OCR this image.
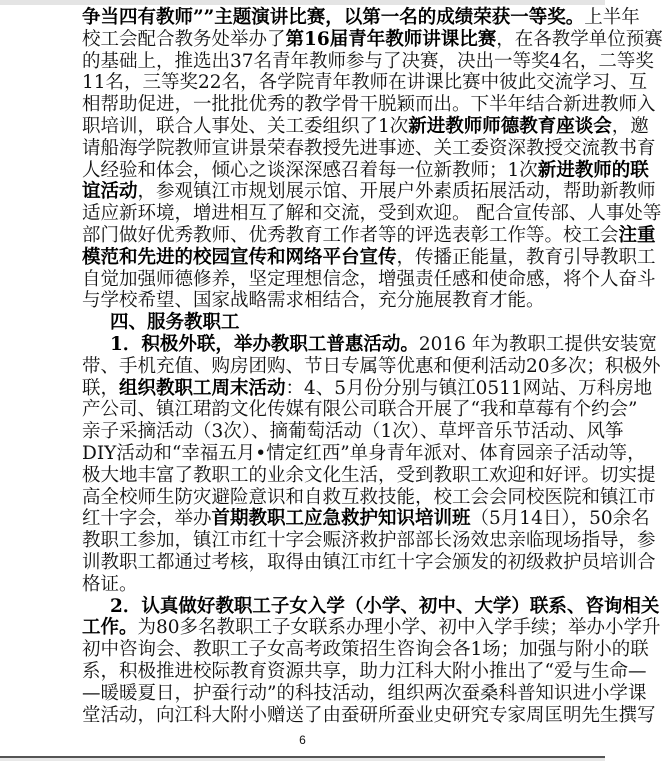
争当四有教师””主题演讲比赛，以第一名的成绩荣获一等奖。上半年
校工会配合教务处举办了第16届青年教师讲课比赛，在各教学单位预赛
的基础上，推选出37名青年教师参与了决赛，决出一等奖4名，二等奖
11名，三等奖22名，各学院青年教师在讲课比赛中彼此交流学习、互
相帮助促进，一批批优秀的教学骨干脱颖而出。下半年结合新进教师入
职培训，联合人事处、关工委组织了1次新进教师师德教育座谈会，邀
请船海学院教师宣讲景荣春教授先进事迹、关工委资深教授交流教书育
人经验和体会，倾心之谈深深感召着每一位新教师；1次新进教师的联
谊活动，参观镇江市规划展示馆、开展户外素质拓展活动，帮助新教师
适应新环境，增进相互了解和交流，受到欢迎。 配合宣传部、人事处等
部门做好优秀教师、优秀教育工作者等的评选表彰工作等。校工会注重
模范和先进的校园宣传和网络平台宣传，传播正能量，教育引导教职工
自觉加强师德修养，坚定理想信念，增强责任感和使命感，将个人奋斗
与学校希望、国家战略需求相结合，充分施展教育才能。
四、服务教职工
1．积极外联，举办教职工普惠活动。2016 年为教职工提供安装宽
带、手机充值、购房团购、节日专属等优惠和便利活动20多次；积极外
联，组织教职工周末活动：4、5月份分别与镇江0511网站、万科房地
产公司、镇江珺韵文化传媒有限公司联合开展了“我和草莓有个约会”
亲子采摘活动（3次）、摘葡萄活动（1次）、草坪音乐节活动、风筝
DIY活动和“幸福五月•情定红西”单身青年派对、体育园亲子活动等，
极大地丰富了教职工的业余文化生活，受到教职工欢迎和好评。切实提
高全校师生防灾避险意识和自救互救技能，校工会会同校医院和镇江市
红十字会，举办首期教职工应急救护知识培训班（5月14日），50余名
教职工参加，镇江市红十字会赈济救护部部长汤效忠亲临现场指导，参
训教职工都通过考核，取得由镇江市红十字会颁发的初级救护员培训合
格证。
2．认真做好教职工子女入学（小学、初中、大学）联系、咨询相关
工作。为80多名教职工子女联系办理小学、初中入学手续；举办小学升
初中咨询会、教职工子女高考政策招生咨询会各1场；加强与附小的联
系，积极推进校际教育资源共享，助力江科大附小推出了“爱与生命—
—暖暖夏日，护蚕行动”的科技活动，组织两次蚕桑科普知识进小学课
堂活动，向江科大附小赠送了由蚕研所蚕业史研究专家周匡明先生撰写
6
